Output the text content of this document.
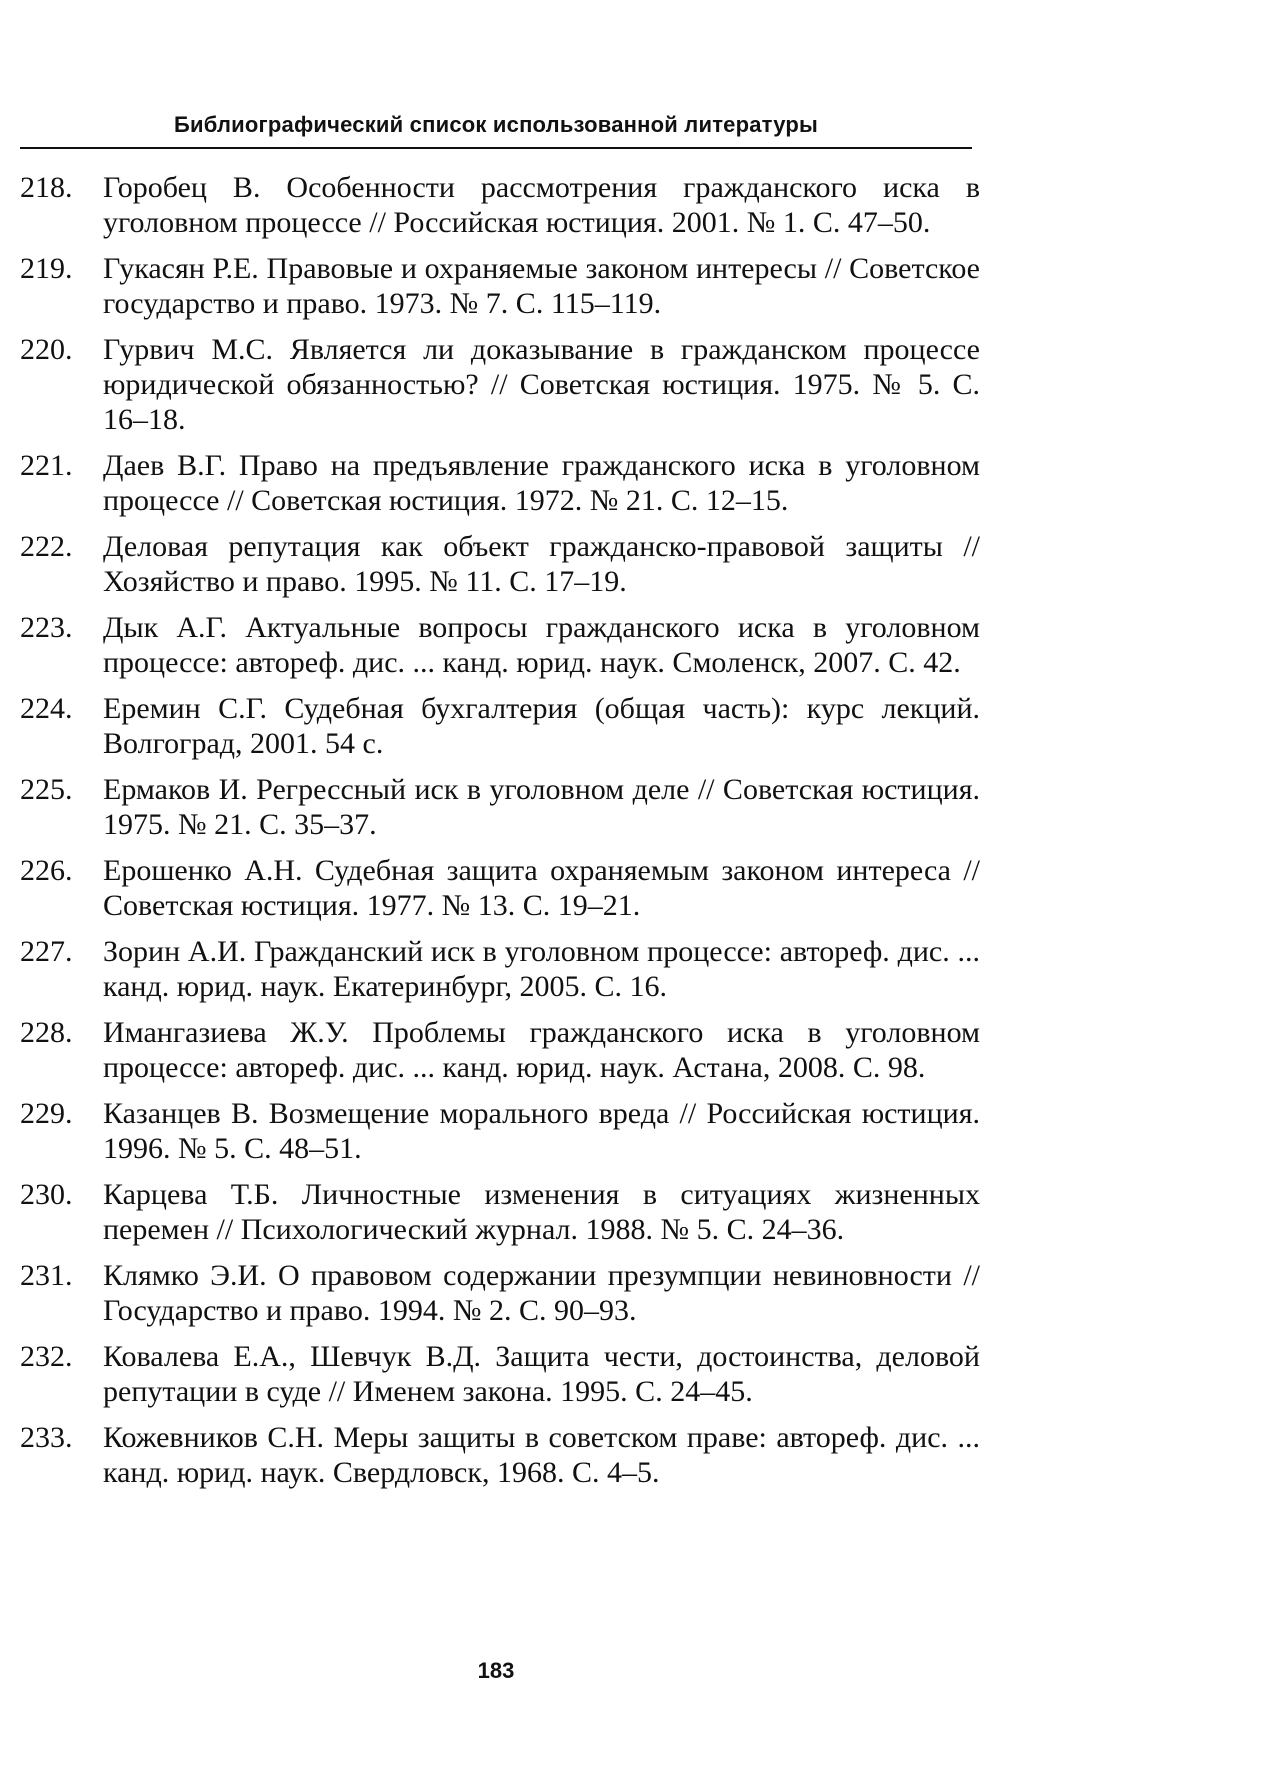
Библиографический список использованной литературы
218.	Горобец В. Особенности рассмотрения гражданского иска в уголовном процессе // Российская юстиция. 2001. № 1. С. 47–50.
219.	Гукасян Р.Е. Правовые и охраняемые законом интересы // Советское государство и право. 1973. № 7. С. 115–119.
220.	Гурвич М.С. Является ли доказывание в гражданском процессе юридической обязанностью? // Советская юстиция. 1975. № 5. С. 16–18.
221.	Даев В.Г. Право на предъявление гражданского иска в уголовном процессе // Советская юстиция. 1972. № 21. С. 12–15.
222.	Деловая репутация как объект гражданско-правовой защиты // Хозяйство и право. 1995. № 11. С. 17–19.
223.	Дык А.Г. Актуальные вопросы гражданского иска в уголовном процессе: автореф. дис. ... канд. юрид. наук. Смоленск, 2007. С. 42.
224.	Еремин С.Г. Судебная бухгалтерия (общая часть): курс лекций. Волгоград, 2001. 54 с.
225.	Ермаков И. Регрессный иск в уголовном деле // Советская юстиция. 1975. № 21. С. 35–37.
226.	Ерошенко А.Н. Судебная защита охраняемым законом интереса // Советская юстиция. 1977. № 13. С. 19–21.
227.	Зорин А.И. Гражданский иск в уголовном процессе: автореф. дис. ... канд. юрид. наук. Екатеринбург, 2005. С. 16.
228.	Имангазиева Ж.У. Проблемы гражданского иска в уголовном процессе: автореф. дис. ... канд. юрид. наук. Астана, 2008. С. 98.
229.	Казанцев В. Возмещение морального вреда // Российская юстиция. 1996. № 5. С. 48–51.
230.	Карцева Т.Б. Личностные изменения в ситуациях жизненных перемен // Психологический журнал. 1988. № 5. С. 24–36.
231.	Клямко Э.И. О правовом содержании презумпции невиновности // Государство и право. 1994. № 2. С. 90–93.
232.	Ковалева Е.А., Шевчук В.Д. Защита чести, достоинства, деловой репутации в суде // Именем закона. 1995. С. 24–45.
233.	Кожевников С.Н. Меры защиты в советском праве: автореф. дис. ... канд. юрид. наук. Свердловск, 1968. С. 4–5.
183
